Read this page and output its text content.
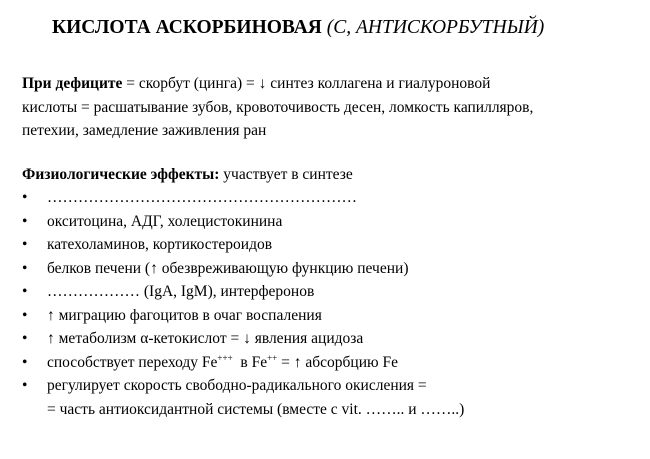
КИСЛОТА АСКОРБИНОВАЯ (С, АНТИСКОРБУТНЫЙ)
При дефиците = скорбут (цинга) = ↓ синтез коллагена и гиалуроновой
кислоты = расшатывание зубов, кровоточивость десен, ломкость капилляров,
петехии, замедление заживления ран
Физиологические эффекты: участвует в синтезе
•	……………………………………………………
•	окситоцина, АДГ, холецистокинина
•	катехоламинов, кортикостероидов
•	белков печени (↑ обезвреживающую функцию печени)
•	……………… (IgA, IgM), интерферонов
•	↑ миграцию фагоцитов в очаг воспаления
•	↑ метаболизм α-кетокислот = ↓ явления ацидоза
•	способствует переходу Fe+++  в Fe++ = ↑ абсорбцию Fe
•	регулирует скорость свободно-радикального окисления =
= часть антиоксидантной системы (вместе с vit. …….. и ……..)
